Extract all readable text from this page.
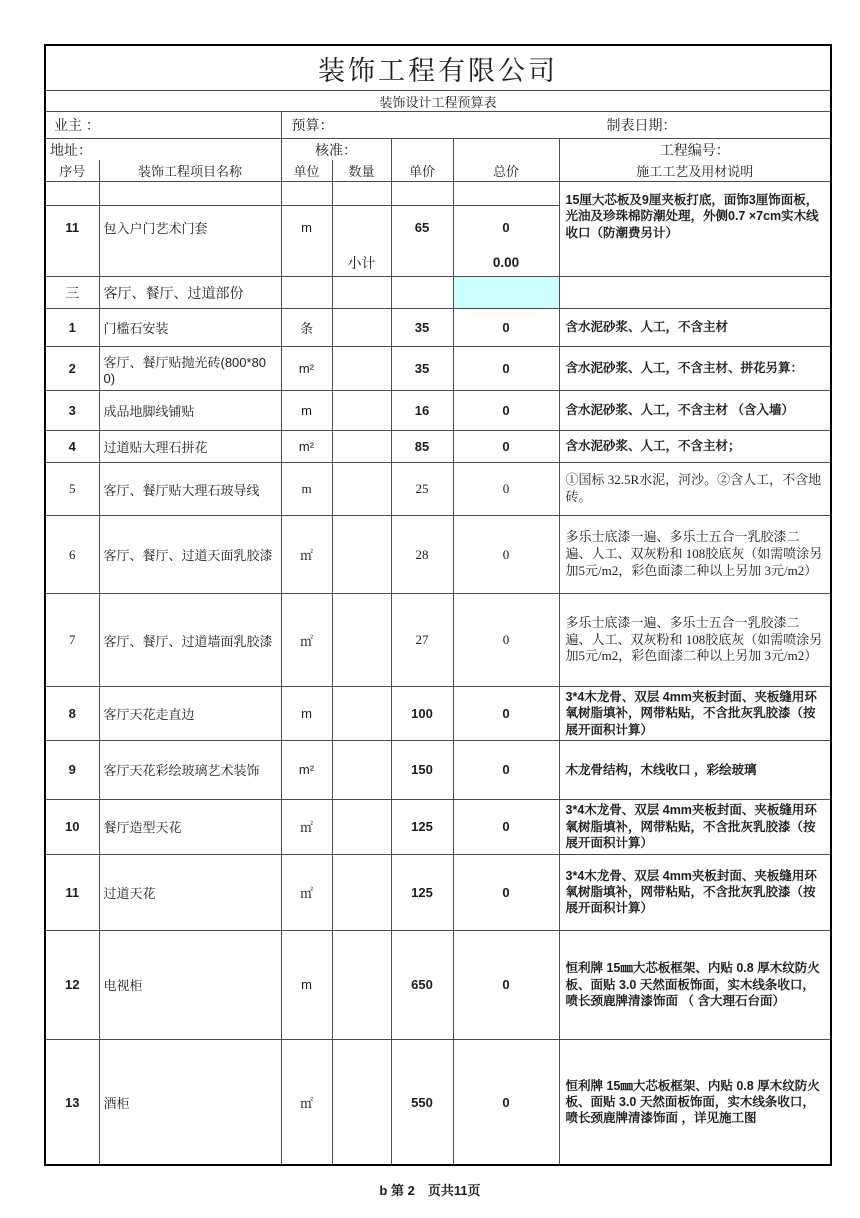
装饰工程有限公司						
装饰设计工程预算表						
业主 ：		预算： 制表日期：				

地址：		核准：				工程编号：
序号	装饰工程项目名称	单位	数量	单价	总价	施工工艺及用材说明
						15厘大芯板及9厘夹板打底，面饰3厘饰面板，光油及珍珠棉防潮处理，外侧0.7 ×7cm实木线收口（防潮费另计）
11	包入户门艺术门套	m		65	0	
			小计		0.00	
三	客厅、餐厅、过道部份					
1	门槛石安装	条		35	0	含水泥砂浆、人工，不含主材
2	客厅、餐厅贴抛光砖(800*800)	m²		35	0	含水泥砂浆、人工，不含主材、拼花另算：
3	成品地脚线铺贴	m		16	0	含水泥砂浆、人工，不含主材 （含入墙）
4	过道贴大理石拼花	m²		85	0	含水泥砂浆、人工，不含主材；
5	客厅、餐厅贴大理石玻导线	m		25	0	①国标 32.5R水泥，河沙。②含人工，不含地砖。
6	客厅、餐厅、过道天面乳胶漆	㎡		28	0	多乐士底漆一遍、多乐士五合一乳胶漆二遍、人工、双灰粉和 108胶底灰（如需喷涂另加5元/m2，彩色面漆二种以上另加 3元/m2）
7	客厅、餐厅、过道墙面乳胶漆	㎡		27	0	多乐士底漆一遍、多乐士五合一乳胶漆二遍、人工、双灰粉和 108胶底灰（如需喷涂另加5元/m2，彩色面漆二种以上另加 3元/m2）
8	客厅天花走直边	m		100	0	3*4木龙骨、双层 4mm夹板封面、夹板缝用环氧树脂填补，网带粘贴，不含批灰乳胶漆（按展开面积计算）
9	客厅天花彩绘玻璃艺术装饰	m²		150	0	木龙骨结构，木线收口 ，彩绘玻璃
10	餐厅造型天花	㎡		125	0	3*4木龙骨、双层 4mm夹板封面、夹板缝用环氧树脂填补，网带粘贴，不含批灰乳胶漆（按展开面积计算）
11	过道天花	㎡		125	0	3*4木龙骨、双层 4mm夹板封面、夹板缝用环氧树脂填补，网带粘贴，不含批灰乳胶漆（按展开面积计算）
12	电视柜	m		650	0	恒利牌 15㎜大芯板框架、内贴 0.8 厚木纹防火板、面贴 3.0 天然面板饰面，实木线条收口，喷长颈鹿牌清漆饰面 （ 含大理石台面）
13	酒柜	㎡		550	0	恒利牌 15㎜大芯板框架、内贴 0.8 厚木纹防火板、面贴 3.0 天然面板饰面，实木线条收口，喷长颈鹿牌清漆饰面 ，详见施工图
b 第 2　页共11页
